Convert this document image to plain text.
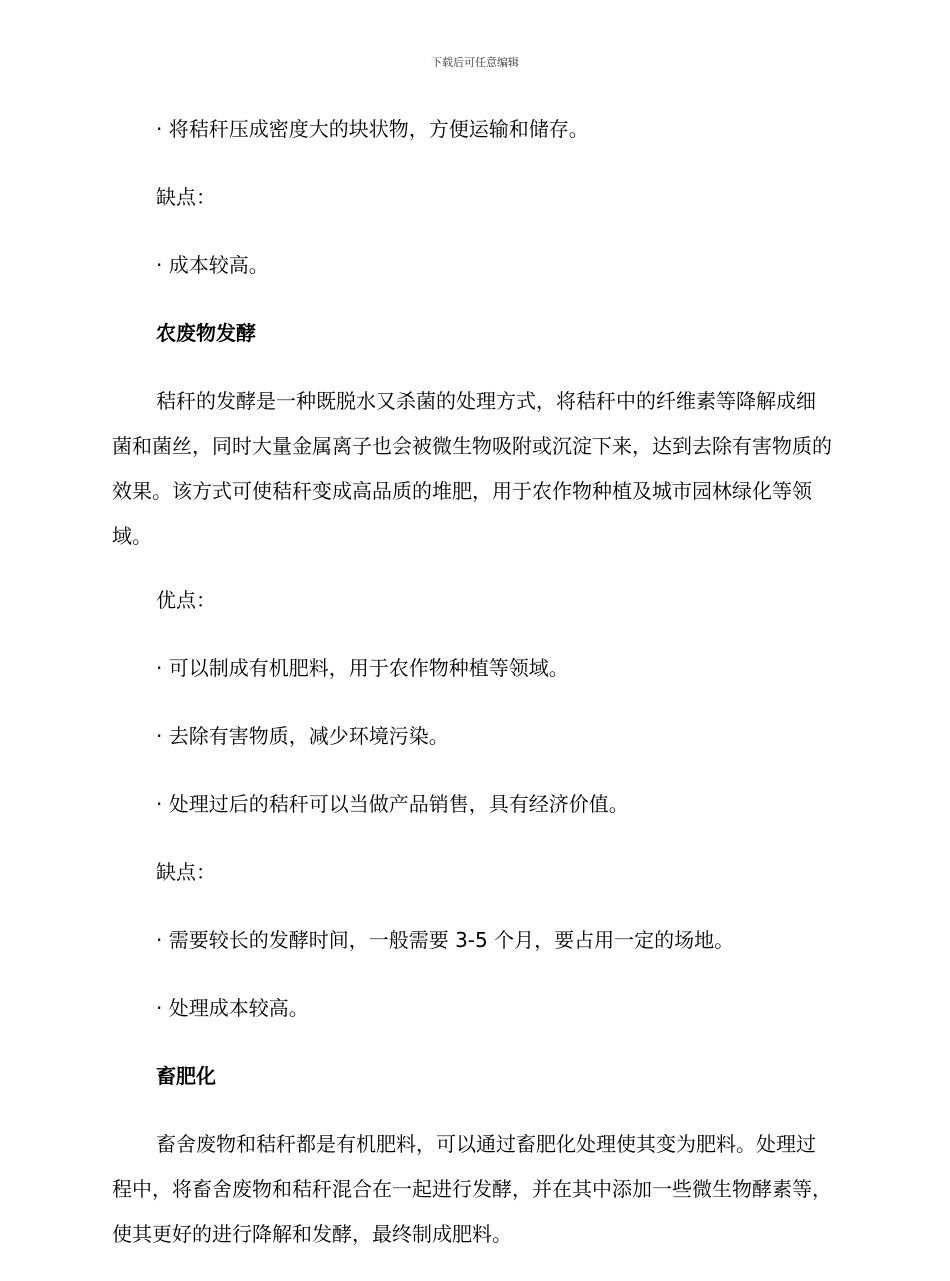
下载后可任意编辑

· 将秸秆压成密度大的块状物，方便运输和储存。

缺点：

· 成本较高。

农废物发酵

秸秆的发酵是一种既脱水又杀菌的处理方式，将秸秆中的纤维素等降解成细菌和菌丝，同时大量金属离子也会被微生物吸附或沉淀下来，达到去除有害物质的效果。该方式可使秸秆变成高品质的堆肥，用于农作物种植及城市园林绿化等领域。

优点：

· 可以制成有机肥料，用于农作物种植等领域。

· 去除有害物质，减少环境污染。

· 处理过后的秸秆可以当做产品销售，具有经济价值。

缺点：

· 需要较长的发酵时间，一般需要 3-5 个月，要占用一定的场地。

· 处理成本较高。

畜肥化

畜舍废物和秸秆都是有机肥料，可以通过畜肥化处理使其变为肥料。处理过程中，将畜舍废物和秸秆混合在一起进行发酵，并在其中添加一些微生物酵素等，使其更好的进行降解和发酵，最终制成肥料。
